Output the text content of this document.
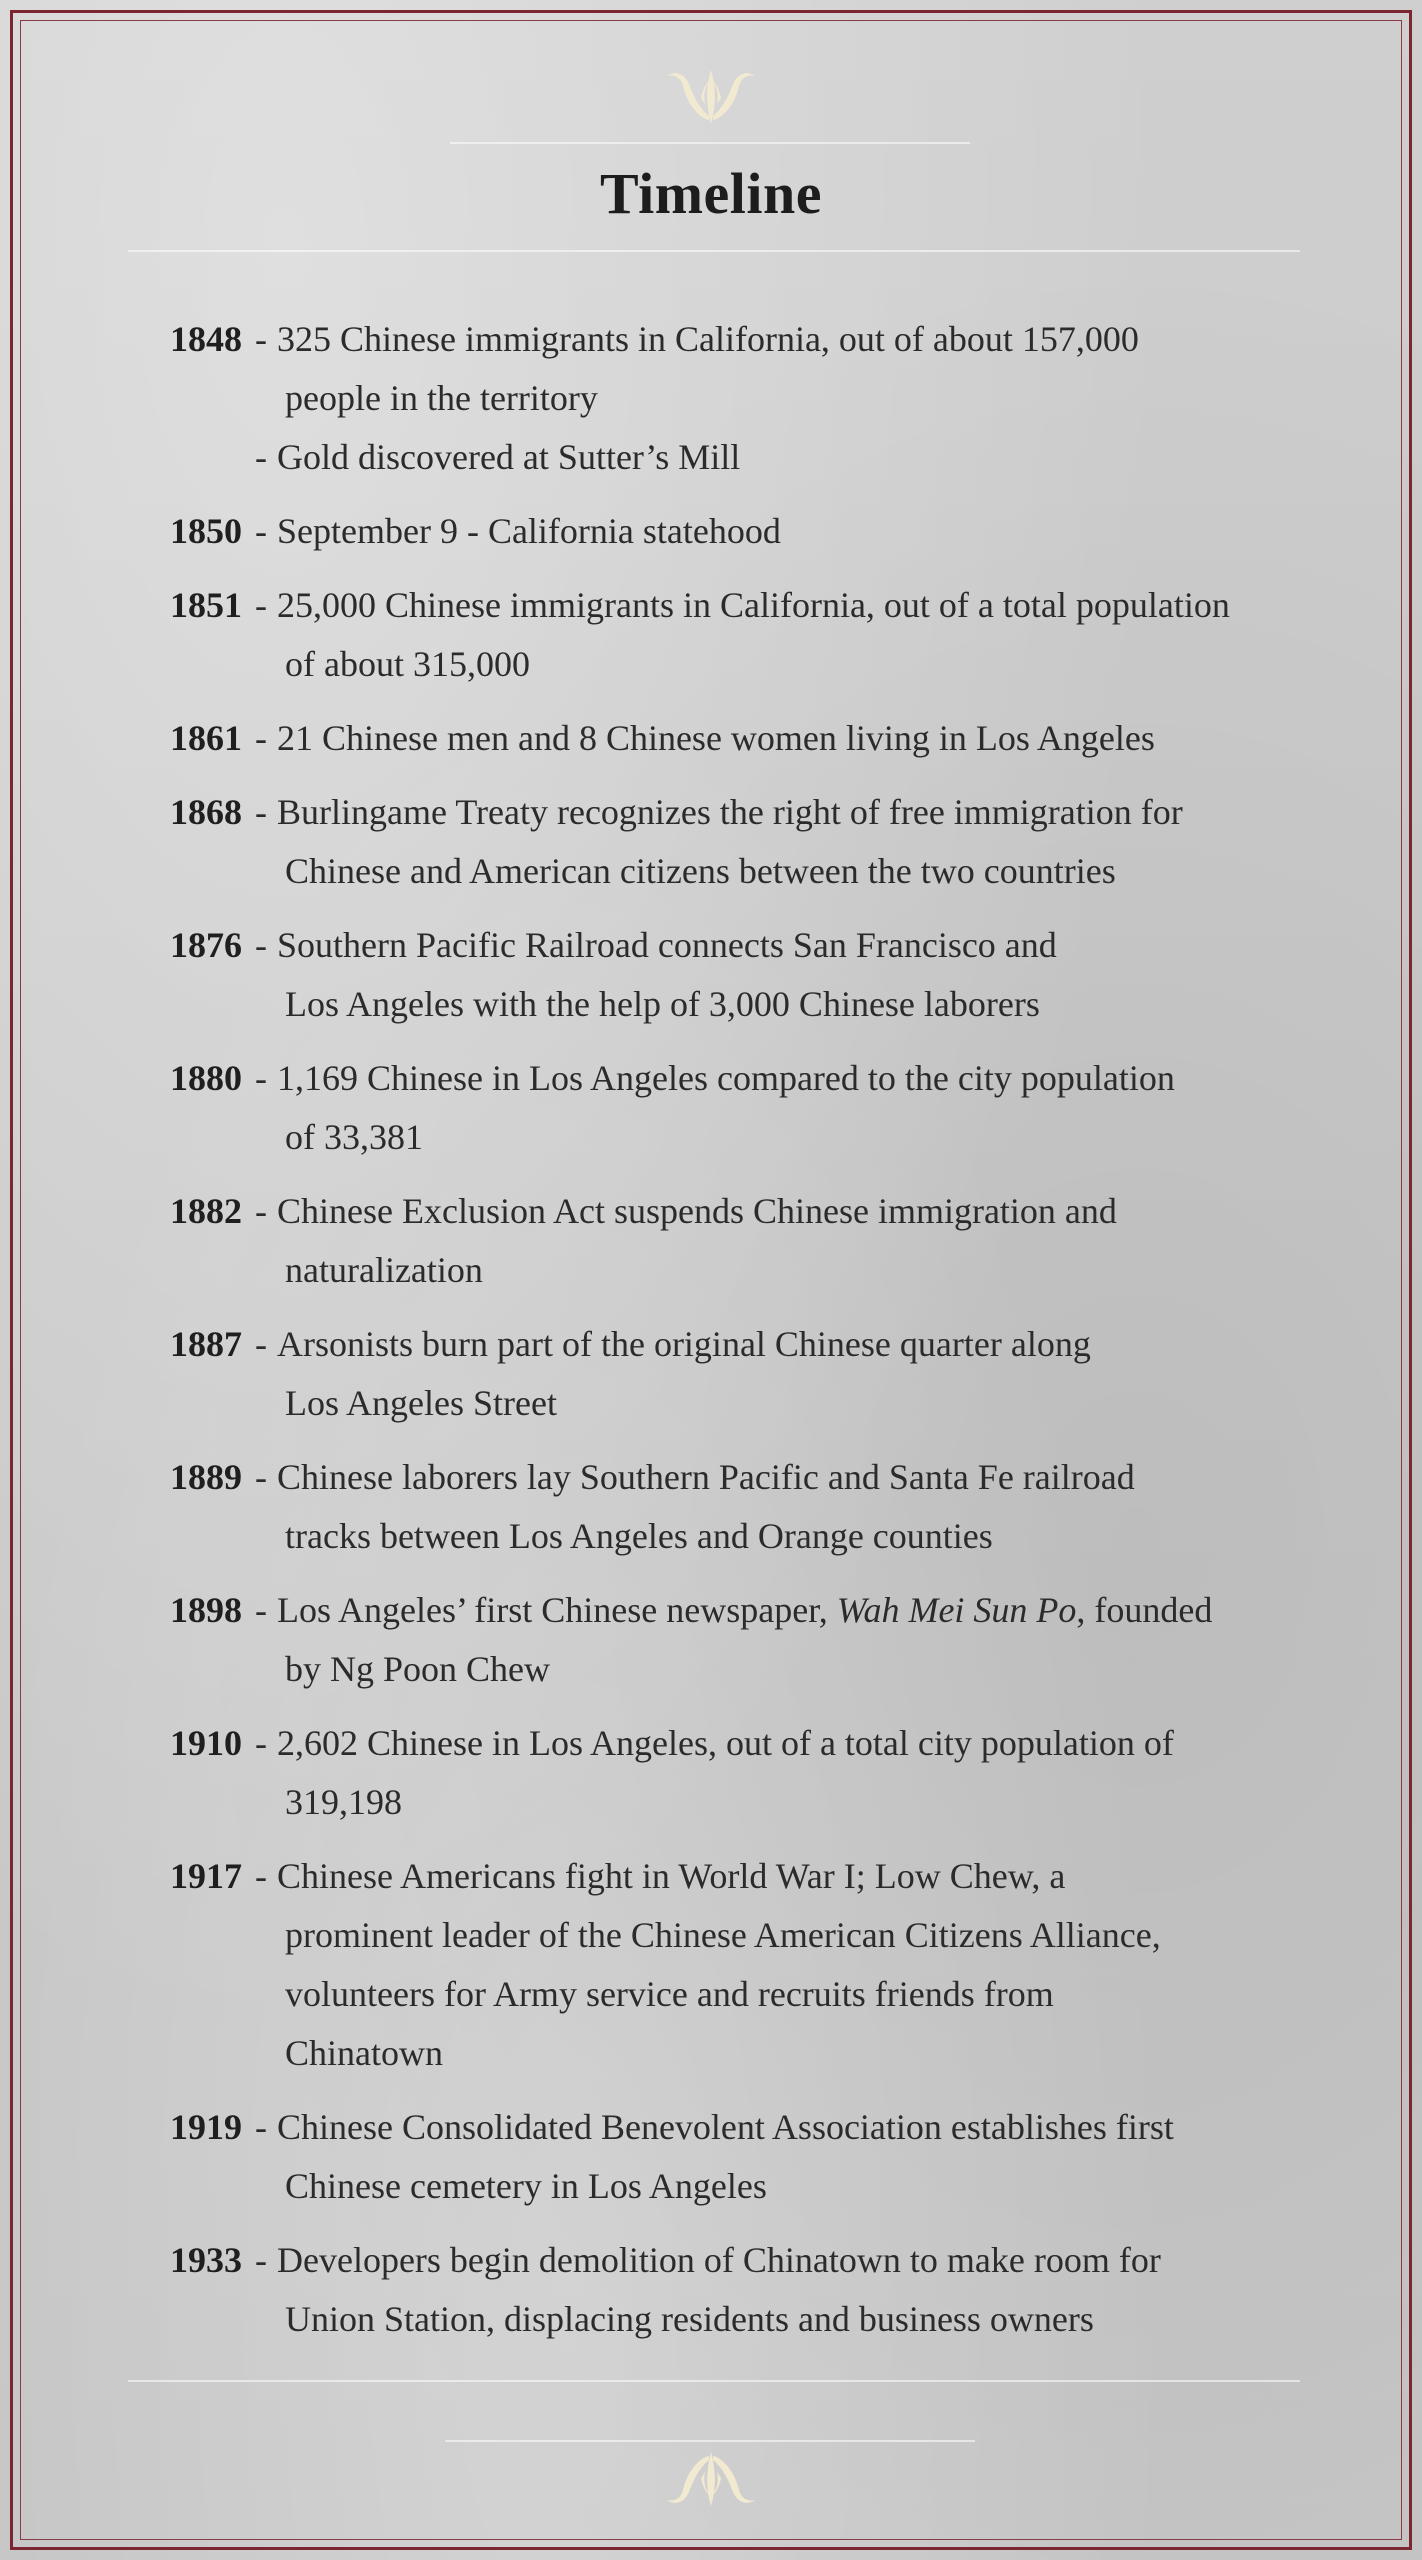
Timeline
1848 - 325 Chinese immigrants in California, out of about 157,000
people in the territory
- Gold discovered at Sutter’s Mill
1850 - September 9 - California statehood
1851 - 25,000 Chinese immigrants in California, out of a total population
of about 315,000
1861 - 21 Chinese men and 8 Chinese women living in Los Angeles
1868 - Burlingame Treaty recognizes the right of free immigration for
Chinese and American citizens between the two countries
1876 - Southern Pacific Railroad connects San Francisco and
Los Angeles with the help of 3,000 Chinese laborers
1880 - 1,169 Chinese in Los Angeles compared to the city population
of 33,381
1882 - Chinese Exclusion Act suspends Chinese immigration and
naturalization
1887 - Arsonists burn part of the original Chinese quarter along
Los Angeles Street
1889 - Chinese laborers lay Southern Pacific and Santa Fe railroad
tracks between Los Angeles and Orange counties
1898 - Los Angeles’ first Chinese newspaper, Wah Mei Sun Po, founded
by Ng Poon Chew
1910 - 2,602 Chinese in Los Angeles, out of a total city population of
319,198
1917 - Chinese Americans fight in World War I; Low Chew, a
prominent leader of the Chinese American Citizens Alliance,
volunteers for Army service and recruits friends from
Chinatown
1919 - Chinese Consolidated Benevolent Association establishes first
Chinese cemetery in Los Angeles
1933 - Developers begin demolition of Chinatown to make room for
Union Station, displacing residents and business owners
